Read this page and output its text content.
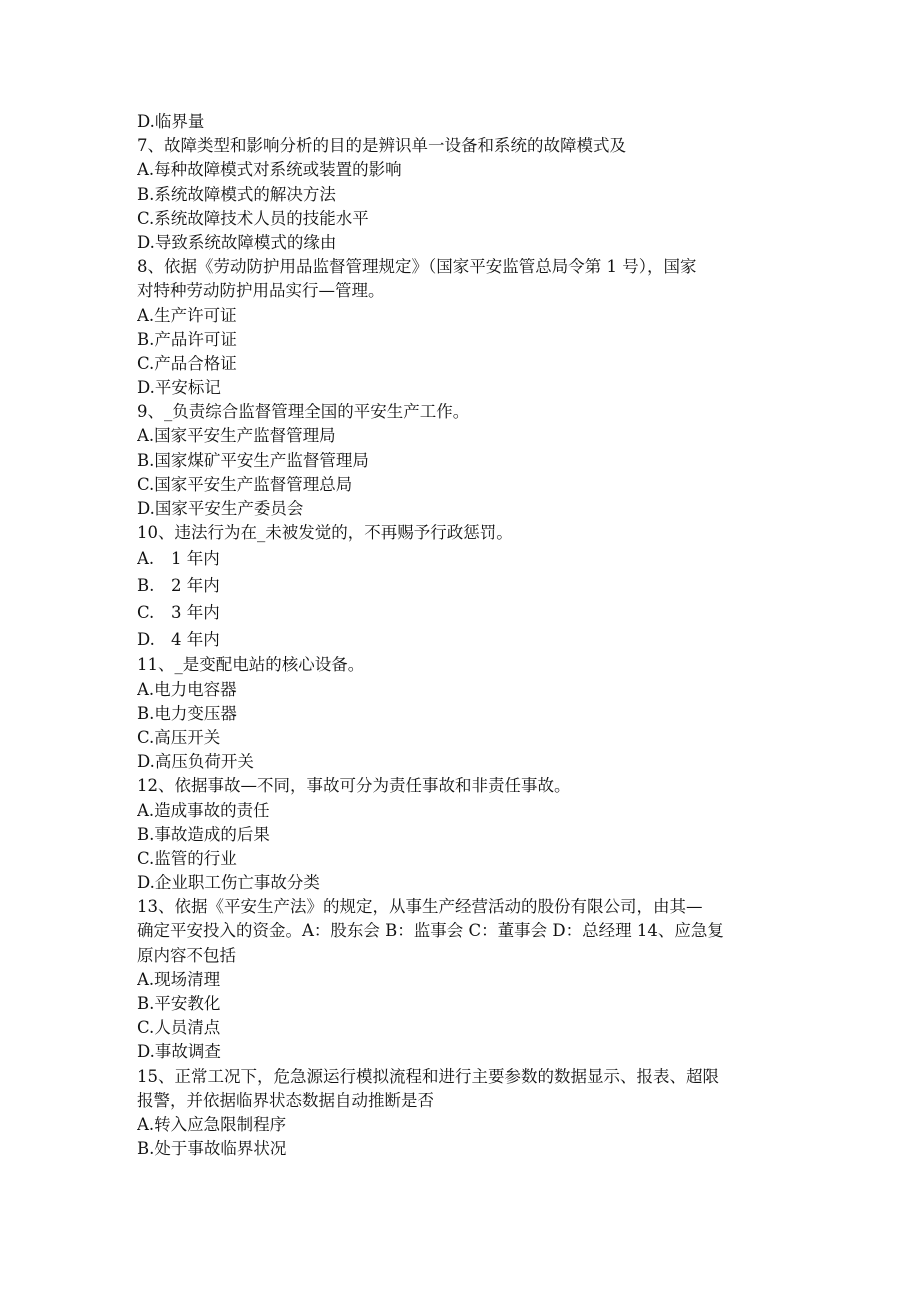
D.临界量
7、故障类型和影响分析的目的是辨识单一设备和系统的故障模式及
A.每种故障模式对系统或装置的影响
B.系统故障模式的解决方法
C.系统故障技术人员的技能水平
D.导致系统故障模式的缘由
8、依据《劳动防护用品监督管理规定》（国家平安监管总局令第 1 号），国家
对特种劳动防护用品实行—管理。
A.生产许可证
B.产品许可证
C.产品合格证
D.平安标记
9、_负责综合监督管理全国的平安生产工作。
A.国家平安生产监督管理局
B.国家煤矿平安生产监督管理局
C.国家平安生产监督管理总局
D.国家平安生产委员会
10、违法行为在_未被发觉的，不再赐予行政惩罚。
A. 1 年内
B. 2 年内
C. 3 年内
D. 4 年内
11、_是变配电站的核心设备。
A.电力电容器
B.电力变压器
C.高压开关
D.高压负荷开关
12、依据事故—不同，事故可分为责任事故和非责任事故。
A.造成事故的责任
B.事故造成的后果
C.监管的行业
D.企业职工伤亡事故分类
13、依据《平安生产法》的规定，从事生产经营活动的股份有限公司，由其—
确定平安投入的资金。A：股东会 B：监事会 C：董事会 D：总经理 14、应急复
原内容不包括
A.现场清理
B.平安教化
C.人员清点
D.事故调查
15、正常工况下，危急源运行模拟流程和进行主要参数的数据显示、报表、超限
报警，并依据临界状态数据自动推断是否
A.转入应急限制程序
B.处于事故临界状况
